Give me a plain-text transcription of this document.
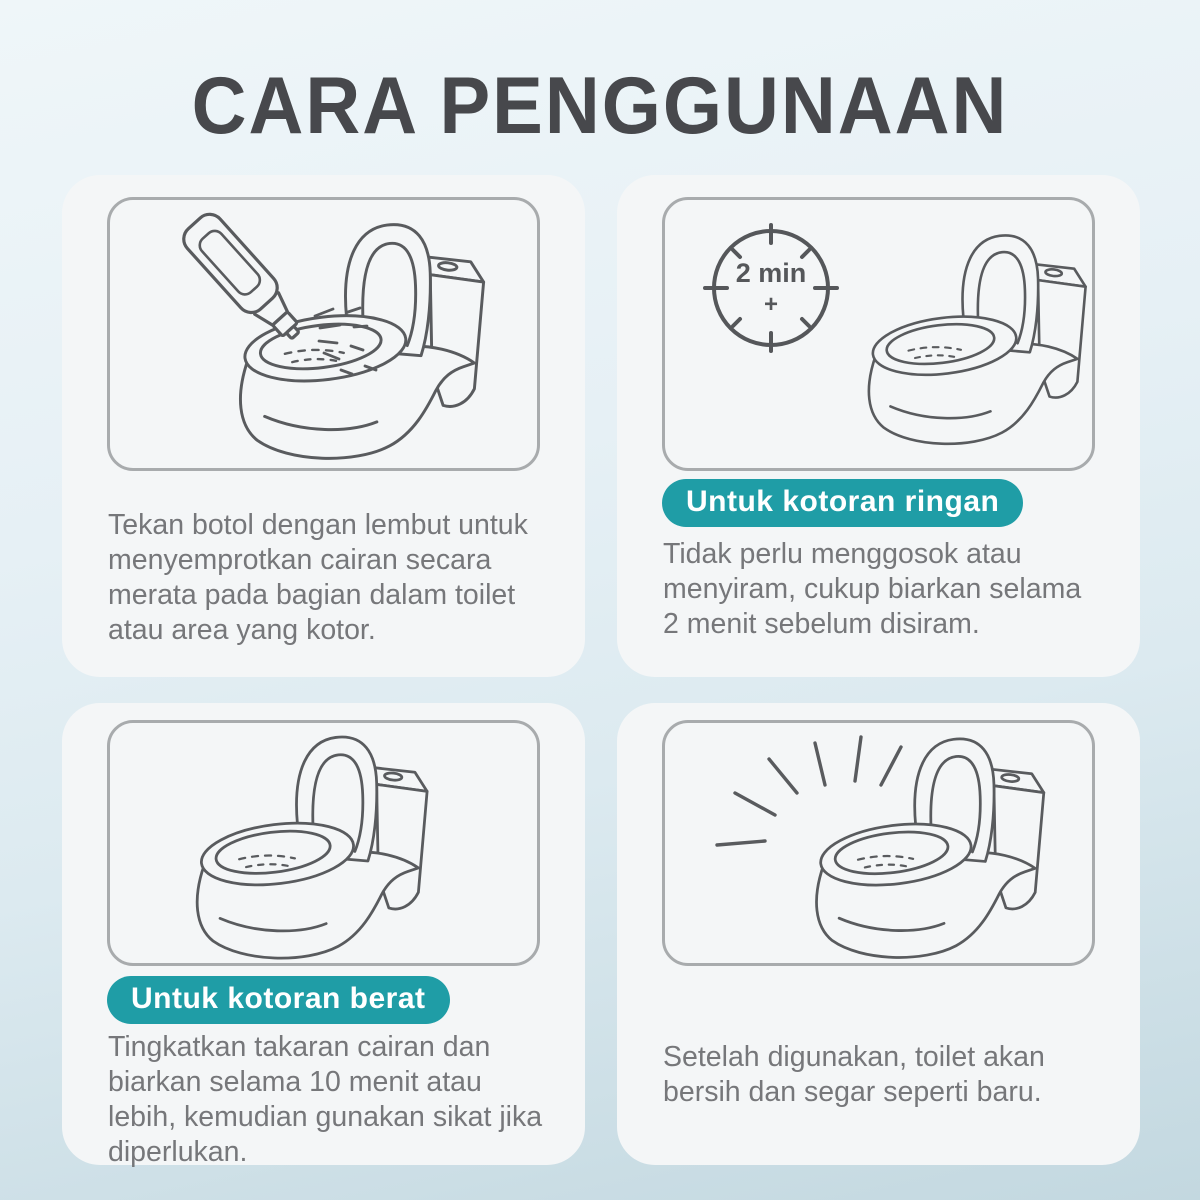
CARA PENGGUNAAN
Tekan botol dengan lembut untuk menyemprotkan cairan secara merata pada bagian dalam toilet atau area yang kotor.
2 min
+
Untuk kotoran ringan
Tidak perlu menggosok atau menyiram, cukup biarkan selama 2 menit sebelum disiram.
Untuk kotoran berat
Tingkatkan takaran cairan dan biarkan selama 10 menit atau lebih, kemudian gunakan sikat jika diperlukan.
Setelah digunakan, toilet akan bersih dan segar seperti baru.
